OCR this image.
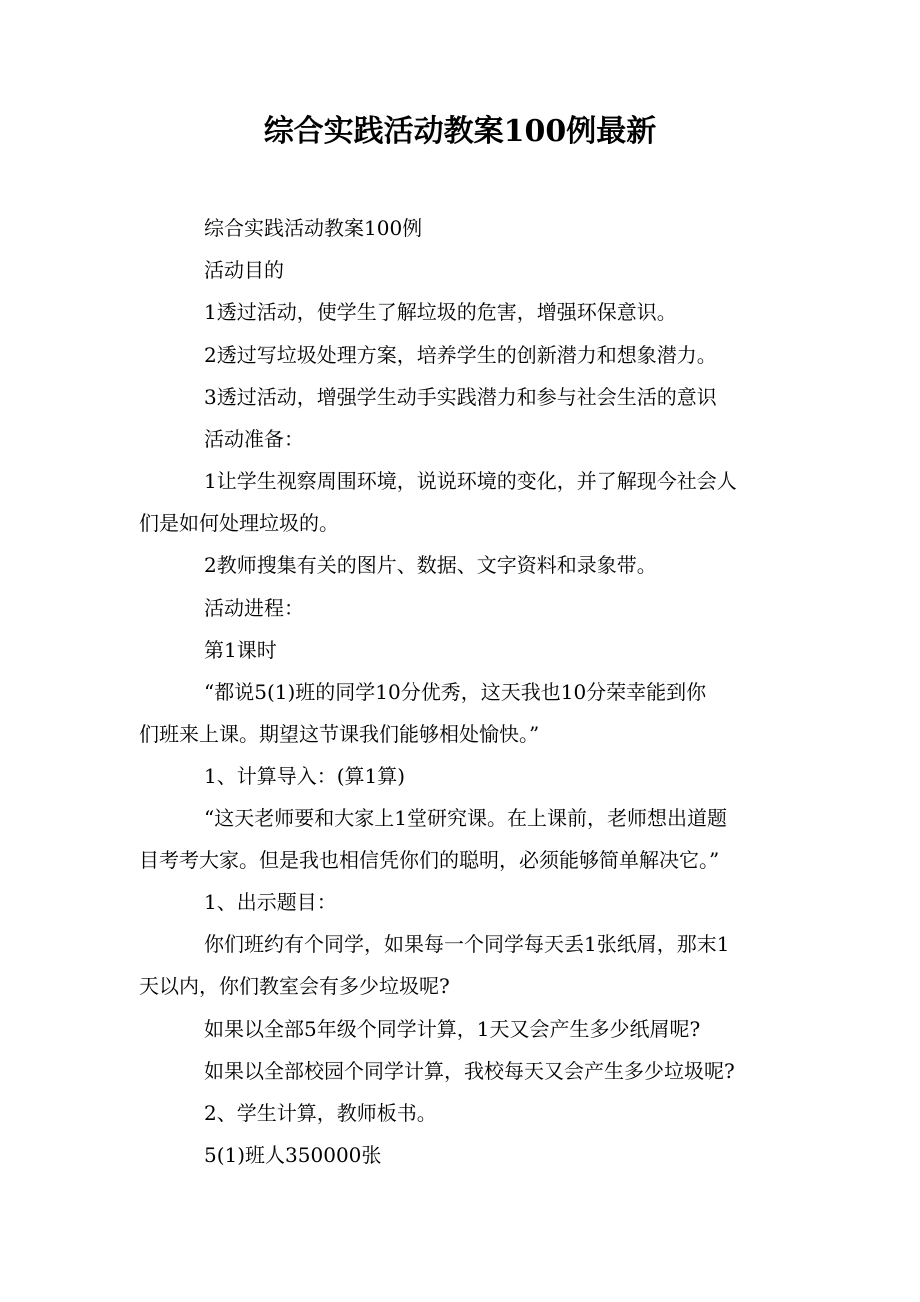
综合实践活动教案100例最新
综合实践活动教案100例
活动目的
1透过活动，使学生了解垃圾的危害，增强环保意识。
2透过写垃圾处理方案，培养学生的创新潜力和想象潜力。
3透过活动，增强学生动手实践潜力和参与社会生活的意识
活动准备：
1让学生视察周围环境，说说环境的变化，并了解现今社会人
们是如何处理垃圾的。
2教师搜集有关的图片、数据、文字资料和录象带。
活动进程：
第1课时
“都说5(1)班的同学10分优秀，这天我也10分荣幸能到你
们班来上课。期望这节课我们能够相处愉快。”
1、计算导入：(算1算)
“这天老师要和大家上1堂研究课。在上课前，老师想出道题
目考考大家。但是我也相信凭你们的聪明，必须能够简单解决它。”
1、出示题目：
你们班约有个同学，如果每一个同学每天丢1张纸屑，那末1
天以内，你们教室会有多少垃圾呢?
如果以全部5年级个同学计算，1天又会产生多少纸屑呢?
如果以全部校园个同学计算，我校每天又会产生多少垃圾呢?
2、学生计算，教师板书。
5(1)班人350000张
